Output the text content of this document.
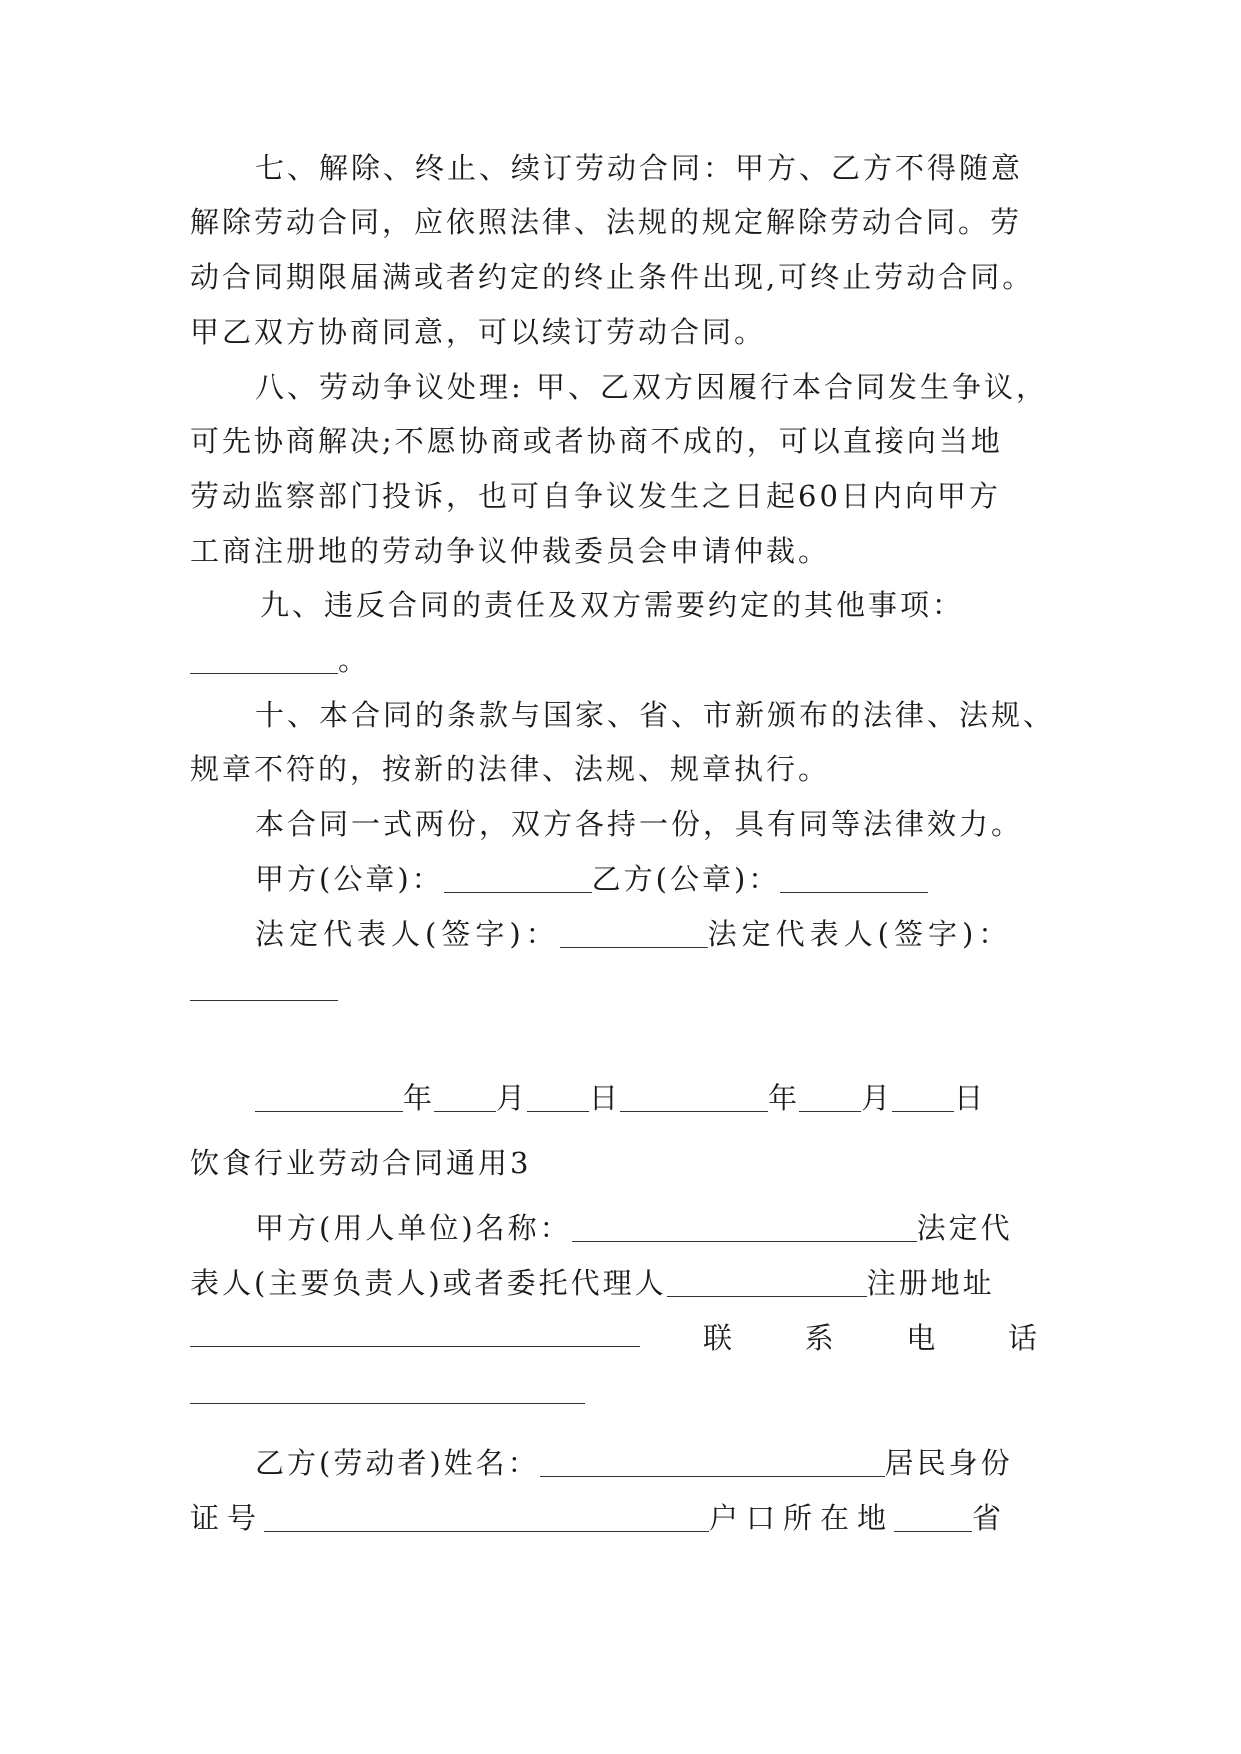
七、解除、终止、续订劳动合同：甲方、乙方不得随意
解除劳动合同，应依照法律、法规的规定解除劳动合同。劳
动合同期限届满或者约定的终止条件出现,可终止劳动合同。
甲乙双方协商同意，可以续订劳动合同。
八、劳动争议处理: 甲、乙双方因履行本合同发生争议，
可先协商解决;不愿协商或者协商不成的，可以直接向当地
劳动监察部门投诉，也可自争议发生之日起60日内向甲方
工商注册地的劳动争议仲裁委员会申请仲裁。
九、违反合同的责任及双方需要约定的其他事项：
。
十、本合同的条款与国家、省、市新颁布的法律、法规、
规章不符的，按新的法律、法规、规章执行。
本合同一式两份，双方各持一份，具有同等法律效力。
甲方(公章)：	乙方(公章)：
法定代表人(签字)：	法定代表人(签字)：
年 月 日	年 月 日
饮食行业劳动合同通用3
甲方(用人单位)名称：	法定代
表人(主要负责人)或者委托代理人	注册地址
联 系 电 话
乙方(劳动者)姓名：	居民身份
证号	户口所在地	省
